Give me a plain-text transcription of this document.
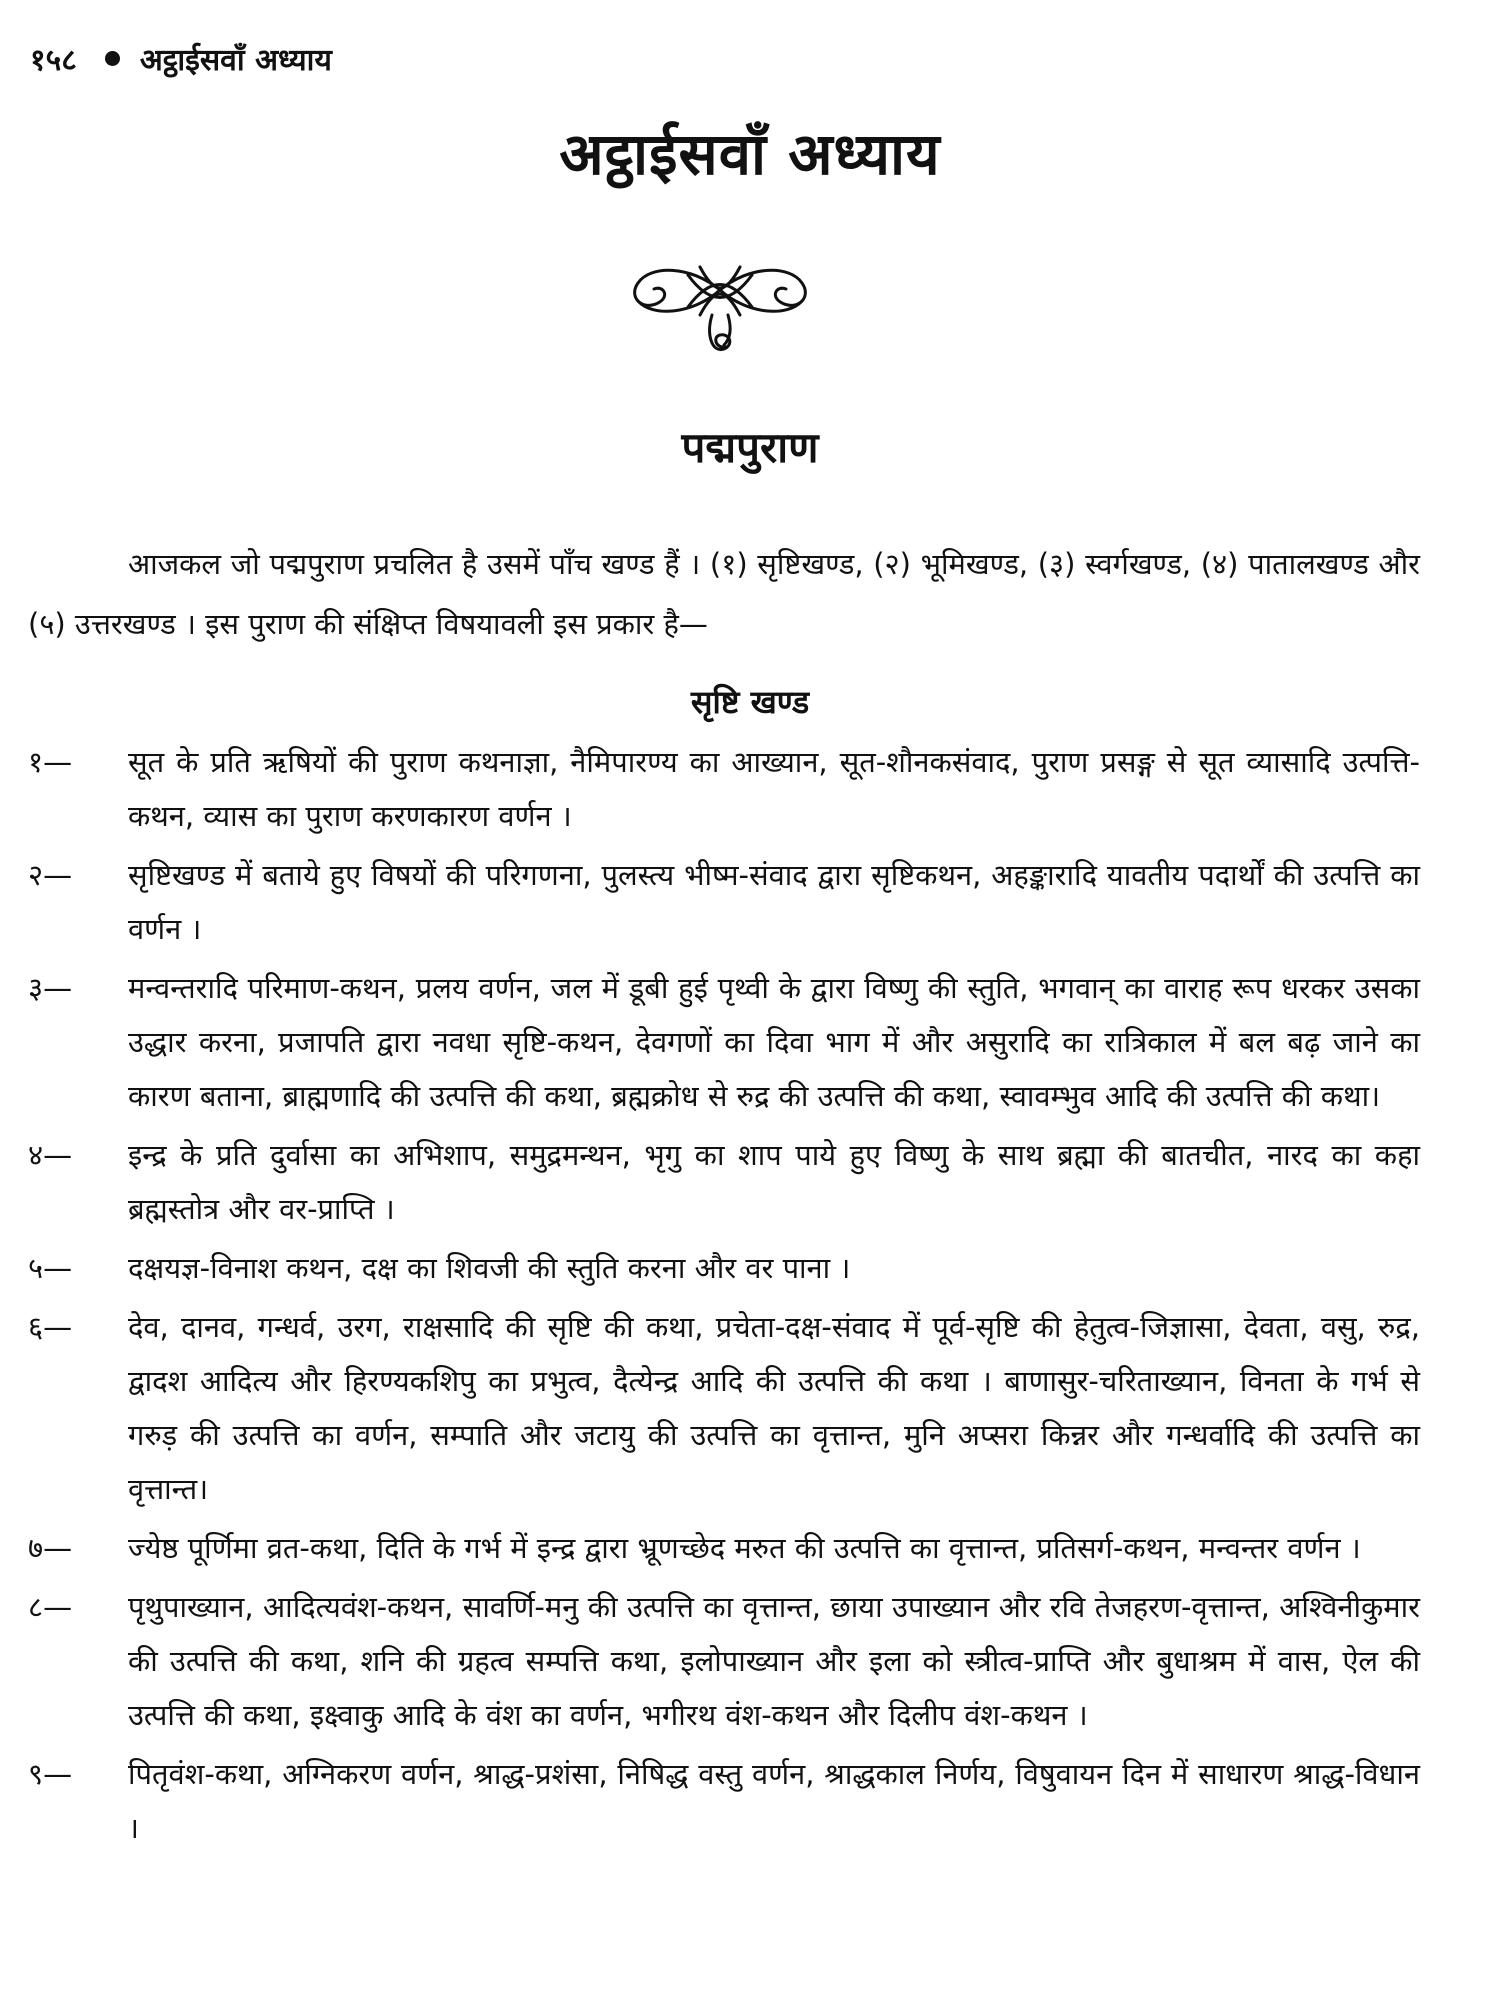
१५८ अट्ठाईसवाँ अध्याय
अट्ठाईसवाँ अध्याय
पद्मपुराण

आजकल जो पद्मपुराण प्रचलित है उसमें पाँच खण्ड हैं । (१) सृष्टिखण्ड, (२) भूमिखण्ड, (३) स्वर्गखण्ड, (४) पातालखण्ड और (५) उत्तरखण्ड । इस पुराण की संक्षिप्त विषयावली इस प्रकार है—

सृष्टि खण्ड
१—	सूत के प्रति ऋषियों की पुराण कथनाज्ञा, नैमिपारण्य का आख्यान, सूत-शौनकसंवाद, पुराण प्रसङ्ग से सूत व्यासादि उत्पत्ति-कथन, व्यास का पुराण करणकारण वर्णन ।
२—	सृष्टिखण्ड में बताये हुए विषयों की परिगणना, पुलस्त्य भीष्म-संवाद द्वारा सृष्टिकथन, अहङ्कारादि यावतीय पदार्थों की उत्पत्ति का वर्णन ।
३—	मन्वन्तरादि परिमाण-कथन, प्रलय वर्णन, जल में डूबी हुई पृथ्वी के द्वारा विष्णु की स्तुति, भगवान् का वाराह रूप धरकर उसका उद्धार करना, प्रजापति द्वारा नवधा सृष्टि-कथन, देवगणों का दिवा भाग में और असुरादि का रात्रिकाल में बल बढ़ जाने का कारण बताना, ब्राह्मणादि की उत्पत्ति की कथा, ब्रह्मक्रोध से रुद्र की उत्पत्ति की कथा, स्वावम्भुव आदि की उत्पत्ति की कथा।
४—	इन्द्र के प्रति दुर्वासा का अभिशाप, समुद्रमन्थन, भृगु का शाप पाये हुए विष्णु के साथ ब्रह्मा की बातचीत, नारद का कहा ब्रह्मस्तोत्र और वर-प्राप्ति ।
५—	दक्षयज्ञ-विनाश कथन, दक्ष का शिवजी की स्तुति करना और वर पाना ।
६—	देव, दानव, गन्धर्व, उरग, राक्षसादि की सृष्टि की कथा, प्रचेता-दक्ष-संवाद में पूर्व-सृष्टि की हेतुत्व-जिज्ञासा, देवता, वसु, रुद्र, द्वादश आदित्य और हिरण्यकशिपु का प्रभुत्व, दैत्येन्द्र आदि की उत्पत्ति की कथा । बाणासुर-चरिताख्यान, विनता के गर्भ से गरुड़ की उत्पत्ति का वर्णन, सम्पाति और जटायु की उत्पत्ति का वृत्तान्त, मुनि अप्सरा किन्नर और गन्धर्वादि की उत्पत्ति का वृत्तान्त।
७—	ज्येष्ठ पूर्णिमा व्रत-कथा, दिति के गर्भ में इन्द्र द्वारा भ्रूणच्छेद मरुत की उत्पत्ति का वृत्तान्त, प्रतिसर्ग-कथन, मन्वन्तर वर्णन ।
८—	पृथुपाख्यान, आदित्यवंश-कथन, सावर्णि-मनु की उत्पत्ति का वृत्तान्त, छाया उपाख्यान और रवि तेजहरण-वृत्तान्त, अश्विनीकुमार की उत्पत्ति की कथा, शनि की ग्रहत्व सम्पत्ति कथा, इलोपाख्यान और इला को स्त्रीत्व-प्राप्ति और बुधाश्रम में वास, ऐल की उत्पत्ति की कथा, इक्ष्वाकु आदि के वंश का वर्णन, भगीरथ वंश-कथन और दिलीप वंश-कथन ।
९—	पितृवंश-कथा, अग्निकरण वर्णन, श्राद्ध-प्रशंसा, निषिद्ध वस्तु वर्णन, श्राद्धकाल निर्णय, विषुवायन दिन में साधारण श्राद्ध-विधान ।
